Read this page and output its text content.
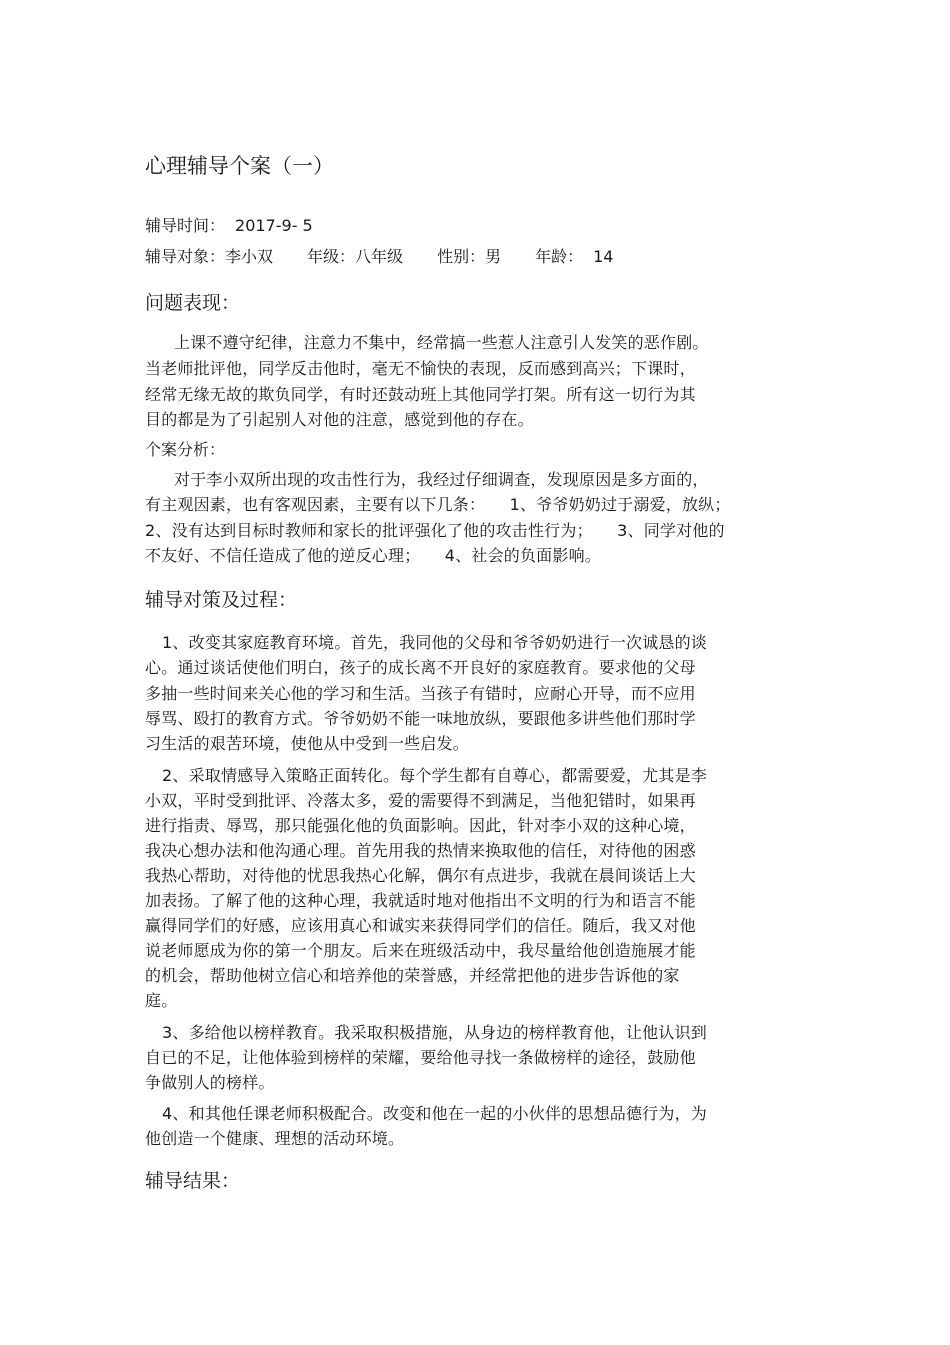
心理辅导个案（一）
辅导时间： 2017-9- 5
辅导对象：李小双 年级：八年级 性别：男 年龄： 14
问题表现：
上课不遵守纪律，注意力不集中，经常搞一些惹人注意引人发笑的恶作剧。
当老师批评他，同学反击他时，毫无不愉快的表现，反而感到高兴；下课时，
经常无缘无故的欺负同学，有时还鼓动班上其他同学打架。所有这一切行为其
目的都是为了引起别人对他的注意，感觉到他的存在。
个案分析：
对于李小双所出现的攻击性行为，我经过仔细调查，发现原因是多方面的，
有主观因素，也有客观因素，主要有以下几条：　　1、爷爷奶奶过于溺爱，放纵；
2、没有达到目标时教师和家长的批评强化了他的攻击性行为；　　3、同学对他的
不友好、不信任造成了他的逆反心理；　　4、社会的负面影响。
辅导对策及过程：
1、改变其家庭教育环境。首先，我同他的父母和爷爷奶奶进行一次诚恳的谈
心。通过谈话使他们明白，孩子的成长离不开良好的家庭教育。要求他的父母
多抽一些时间来关心他的学习和生活。当孩子有错时，应耐心开导，而不应用
辱骂、殴打的教育方式。爷爷奶奶不能一味地放纵，要跟他多讲些他们那时学
习生活的艰苦环境，使他从中受到一些启发。
2、采取情感导入策略正面转化。每个学生都有自尊心，都需要爱，尤其是李
小双，平时受到批评、冷落太多，爱的需要得不到满足，当他犯错时，如果再
进行指责、辱骂，那只能强化他的负面影响。因此，针对李小双的这种心境，
我决心想办法和他沟通心理。首先用我的热情来换取他的信任，对待他的困惑
我热心帮助，对待他的忧思我热心化解，偶尔有点进步，我就在晨间谈话上大
加表扬。了解了他的这种心理，我就适时地对他指出不文明的行为和语言不能
赢得同学们的好感，应该用真心和诚实来获得同学们的信任。随后，我又对他
说老师愿成为你的第一个朋友。后来在班级活动中，我尽量给他创造施展才能
的机会，帮助他树立信心和培养他的荣誉感，并经常把他的进步告诉他的家
庭。
3、多给他以榜样教育。我采取积极措施，从身边的榜样教育他，让他认识到
自已的不足，让他体验到榜样的荣耀，要给他寻找一条做榜样的途径，鼓励他
争做别人的榜样。
4、和其他任课老师积极配合。改变和他在一起的小伙伴的思想品德行为，为
他创造一个健康、理想的活动环境。
辅导结果：
